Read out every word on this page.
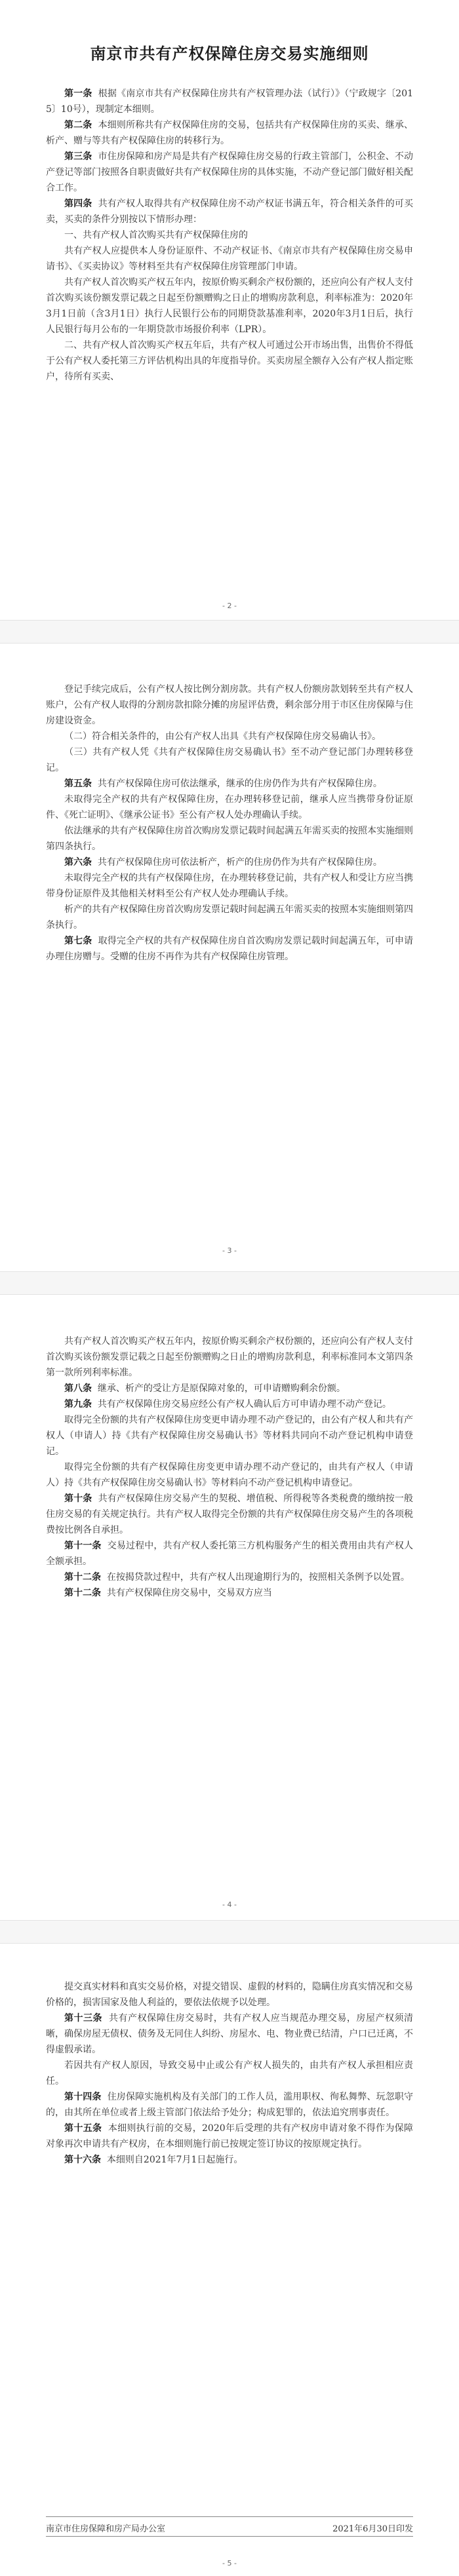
南京市共有产权保障住房交易实施细则

第一条 根据《南京市共有产权保障住房共有产权管理办法（试行）》（宁政规字〔2015〕10号），现制定本细则。

第二条 本细则所称共有产权保障住房的交易，包括共有产权保障住房的买卖、继承、析产、赠与等共有产权保障住房的转移行为。

第三条 市住房保障和房产局是共有产权保障住房交易的行政主管部门，公积金、不动产登记等部门按照各自职责做好共有产权保障住房的具体实施，不动产登记部门做好相关配合工作。

第四条 共有产权人取得共有产权保障住房不动产权证书满五年，符合相关条件的可买卖，买卖的条件分别按以下情形办理：

一、共有产权人首次购买共有产权保障住房的

共有产权人应提供本人身份证原件、不动产权证书、《南京市共有产权保障住房交易申请书》、《买卖协议》等材料至共有产权保障住房管理部门申请。

共有产权人首次购买产权五年内，按原价购买剩余产权份额的，还应向公有产权人支付首次购买该份额发票记载之日起至份额赠购之日止的增购房款利息，利率标准为：2020年3月1日前（含3月1日）执行人民银行公布的同期贷款基准利率，2020年3月1日后，执行人民银行每月公布的一年期贷款市场报价利率（LPR）。

二、共有产权人首次购买产权五年后，共有产权人可通过公开市场出售，出售价不得低于公有产权人委托第三方评估机构出具的年度指导价。买卖房屋全额存入公有产权人指定账户，待所有买卖、

- 2 -

登记手续完成后，公有产权人按比例分割房款。共有产权人份额房款划转至共有产权人账户，公有产权人取得的分割房款扣除分摊的房屋评估费，剩余部分用于市区住房保障与住房建设资金。

（二）符合相关条件的，由公有产权人出具《共有产权保障住房交易确认书》。

（三）共有产权人凭《共有产权保障住房交易确认书》至不动产登记部门办理转移登记。

第五条 共有产权保障住房可依法继承，继承的住房仍作为共有产权保障住房。

未取得完全产权的共有产权保障住房，在办理转移登记前，继承人应当携带身份证原件、《死亡证明》、《继承公证书》至公有产权人处办理确认手续。

依法继承的共有产权保障住房首次购房发票记载时间起满五年需买卖的按照本实施细则第四条执行。

第六条 共有产权保障住房可依法析产，析产的住房仍作为共有产权保障住房。

未取得完全产权的共有产权保障住房，在办理转移登记前，共有产权人和受让方应当携带身份证原件及其他相关材料至公有产权人处办理确认手续。

析产的共有产权保障住房首次购房发票记载时间起满五年需买卖的按照本实施细则第四条执行。

第七条 取得完全产权的共有产权保障住房自首次购房发票记载时间起满五年，可申请办理住房赠与。受赠的住房不再作为共有产权保障住房管理。

- 3 -

共有产权人首次购买产权五年内，按原价购买剩余产权份额的，还应向公有产权人支付首次购买该份额发票记载之日起至份额赠购之日止的增购房款利息，利率标准同本文第四条第一款所列利率标准。

第八条 继承、析产的受让方是原保障对象的，可申请赠购剩余份额。

第九条 共有产权保障住房交易应经公有产权人确认后方可申请办理不动产登记。

取得完全份额的共有产权保障住房变更申请办理不动产登记的，由公有产权人和共有产权人（申请人）持《共有产权保障住房交易确认书》等材料共同向不动产登记机构申请登记。

取得完全份额的共有产权保障住房变更申请办理不动产登记的，由共有产权人（申请人）持《共有产权保障住房交易确认书》等材料向不动产登记机构申请登记。

第十条 共有产权保障住房交易产生的契税、增值税、所得税等各类税费的缴纳按一般住房交易的有关规定执行。共有产权人取得完全份额的共有产权保障住房交易产生的各项税费按比例各自承担。

第十一条 交易过程中，共有产权人委托第三方机构服务产生的相关费用由共有产权人全额承担。

第十二条 在按揭贷款过程中，共有产权人出现逾期行为的，按照相关条例予以处置。

第十二条 共有产权保障住房交易中，交易双方应当

- 4 -

提交真实材料和真实交易价格，对提交错误、虚假的材料的，隐瞒住房真实情况和交易价格的，损害国家及他人利益的，要依法依规予以处理。

第十三条 共有产权保障住房交易时，共有产权人应当规范办理交易，房屋产权须清晰，确保房屋无债权、债务及无同住人纠纷、房屋水、电、物业费已结清，户口已迁离，不得虚假承诺。

若因共有产权人原因，导致交易中止或公有产权人损失的，由共有产权人承担相应责任。

第十四条 住房保障实施机构及有关部门的工作人员，滥用职权、徇私舞弊、玩忽职守的，由其所在单位或者上级主管部门依法给予处分；构成犯罪的，依法追究刑事责任。

第十五条 本细则执行前的交易，2020年后受理的共有产权房申请对象不得作为保障对象再次申请共有产权房，在本细则施行前已按规定签订协议的按原规定执行。

第十六条 本细则自2021年7月1日起施行。

南京市住房保障和房产局办公室	2021年6月30日印发
- 5 -
